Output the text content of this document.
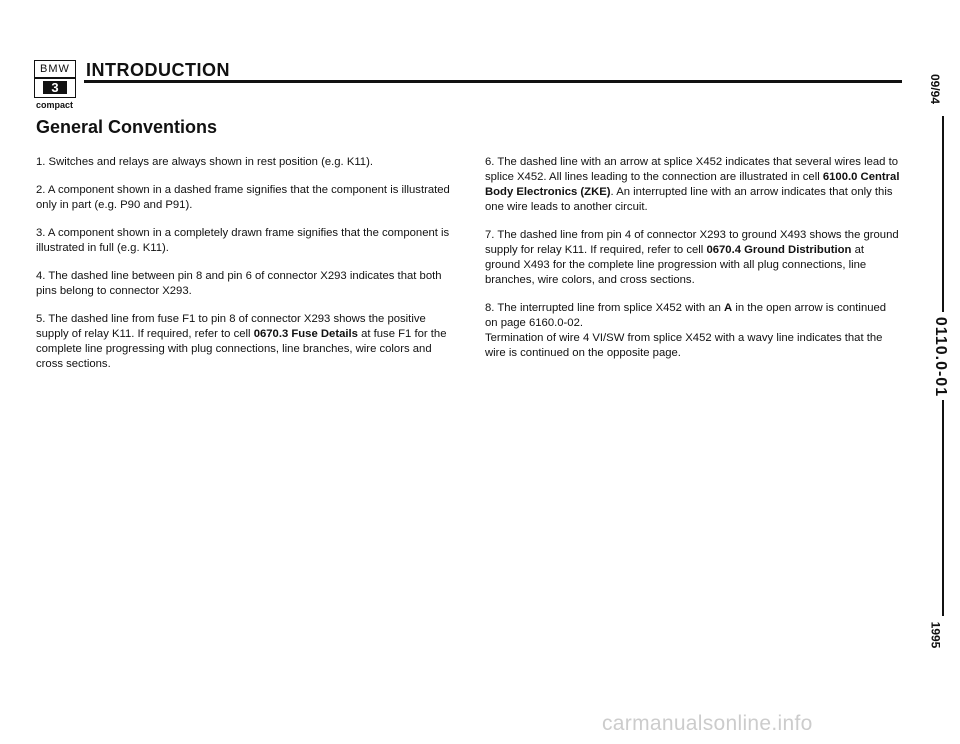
BMW
3
INTRODUCTION
compact
General Conventions

1. Switches and relays are always shown in rest position (e.g. K11).

2. A component shown in a dashed frame signifies that the component is illustrated only in part (e.g. P90 and P91).

3. A component shown in a completely drawn frame signifies that the component is illustrated in full (e.g. K11).

4. The dashed line between pin 8 and pin 6 of connector X293 indicates that both pins belong to connector X293.

5. The dashed line from fuse F1 to pin 8 of connector X293 shows the positive supply of relay K11. If required, refer to cell 0670.3 Fuse Details at fuse F1 for the complete line progressing with plug connections, line branches, wire colors and cross sections.

6. The dashed line with an arrow at splice X452 indicates that several wires lead to splice X452. All lines leading to the connection are illustrated in cell 6100.0 Central Body Electronics (ZKE). An interrupted line with an arrow indicates that only this one wire leads to another circuit.

7. The dashed line from pin 4 of connector X293 to ground X493 shows the ground supply for relay K11. If required, refer to cell 0670.4 Ground Distribution at ground X493 for the complete line progression with all plug connections, line branches, wire colors, and cross sections.

8. The interrupted line from splice X452 with an A in the open arrow is continued on page 6160.0-02.

Termination of wire 4 VI/SW from splice X452 with a wavy line indicates that the wire is continued on the opposite page.

09/94
0110.0-01
1995
carmanualsonline.info
